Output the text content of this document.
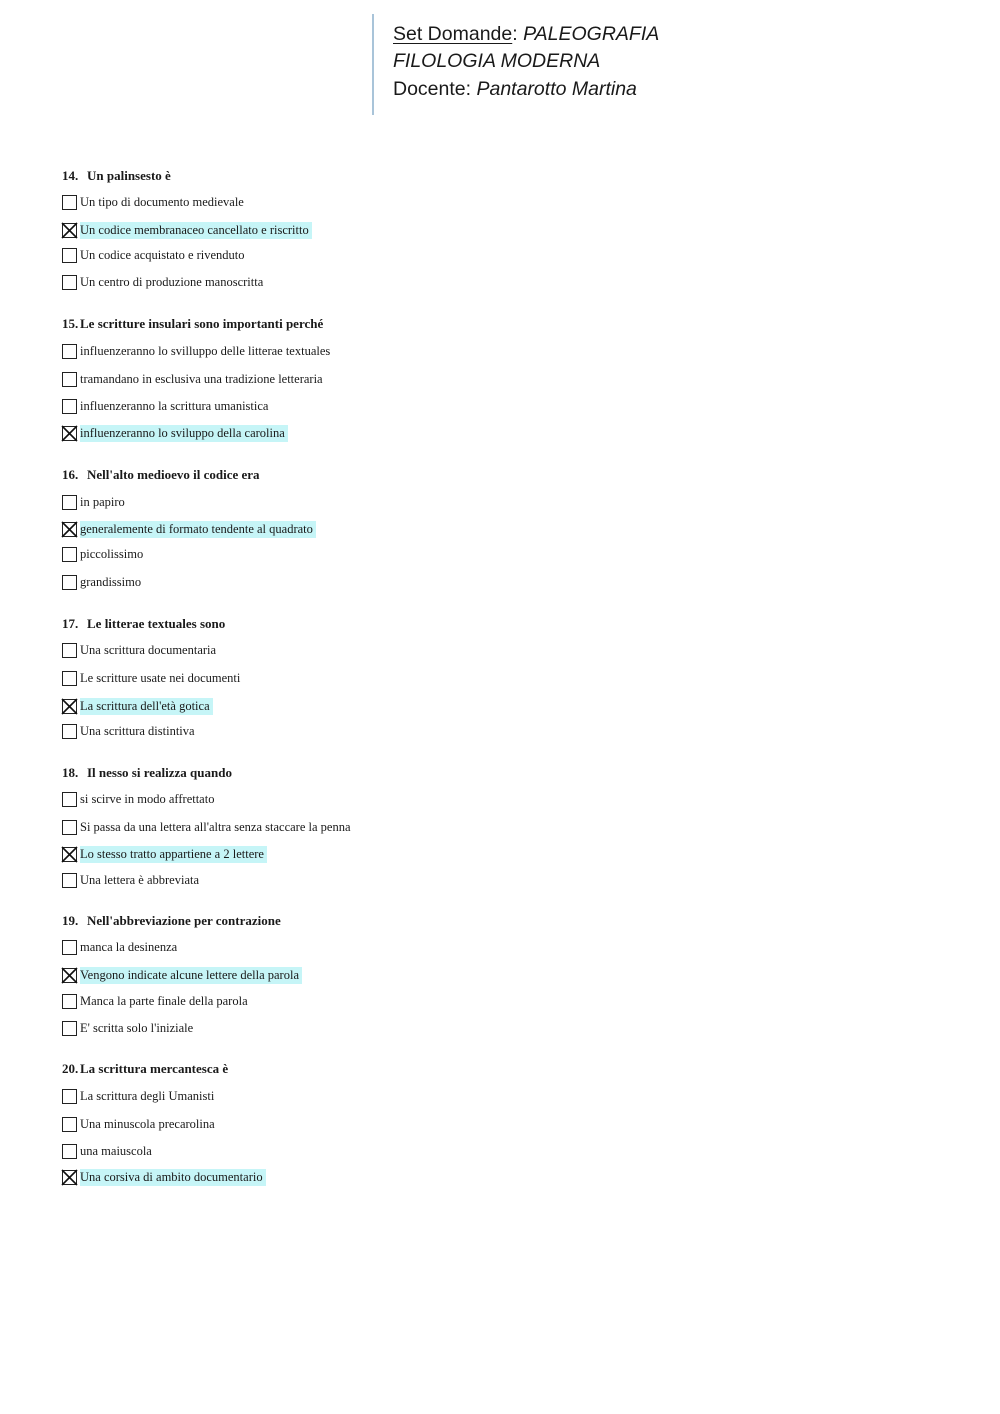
Set Domande: PALEOGRAFIA
FILOLOGIA MODERNA
Docente: Pantarotto Martina
14. Un palinsesto è
Un tipo di documento medievale
Un codice membranaceo cancellato e riscritto
Un codice acquistato e rivenduto
Un centro di produzione manoscritta
15. Le scritture insulari sono importanti perché
influenzeranno lo svilluppo delle litterae textuales
tramandano in esclusiva una tradizione letteraria
influenzeranno la scrittura umanistica
influenzeranno lo sviluppo della carolina
16. Nell'alto medioevo il codice era
in papiro
generalemente di formato tendente al quadrato
piccolissimo
grandissimo
17. Le litterae textuales sono
Una scrittura documentaria
Le scritture usate nei documenti
La scrittura dell'età gotica
Una scrittura distintiva
18. Il nesso si realizza quando
si scirve in modo affrettato
Si passa da una lettera all'altra senza staccare la penna
Lo stesso tratto appartiene a 2 lettere
Una lettera è abbreviata
19. Nell'abbreviazione per contrazione
manca la desinenza
Vengono indicate alcune lettere della parola
Manca la parte finale della parola
E' scritta solo l'iniziale
20. La scrittura mercantesca è
La scrittura degli Umanisti
Una minuscola precarolina
una maiuscola
Una corsiva di ambito documentario
